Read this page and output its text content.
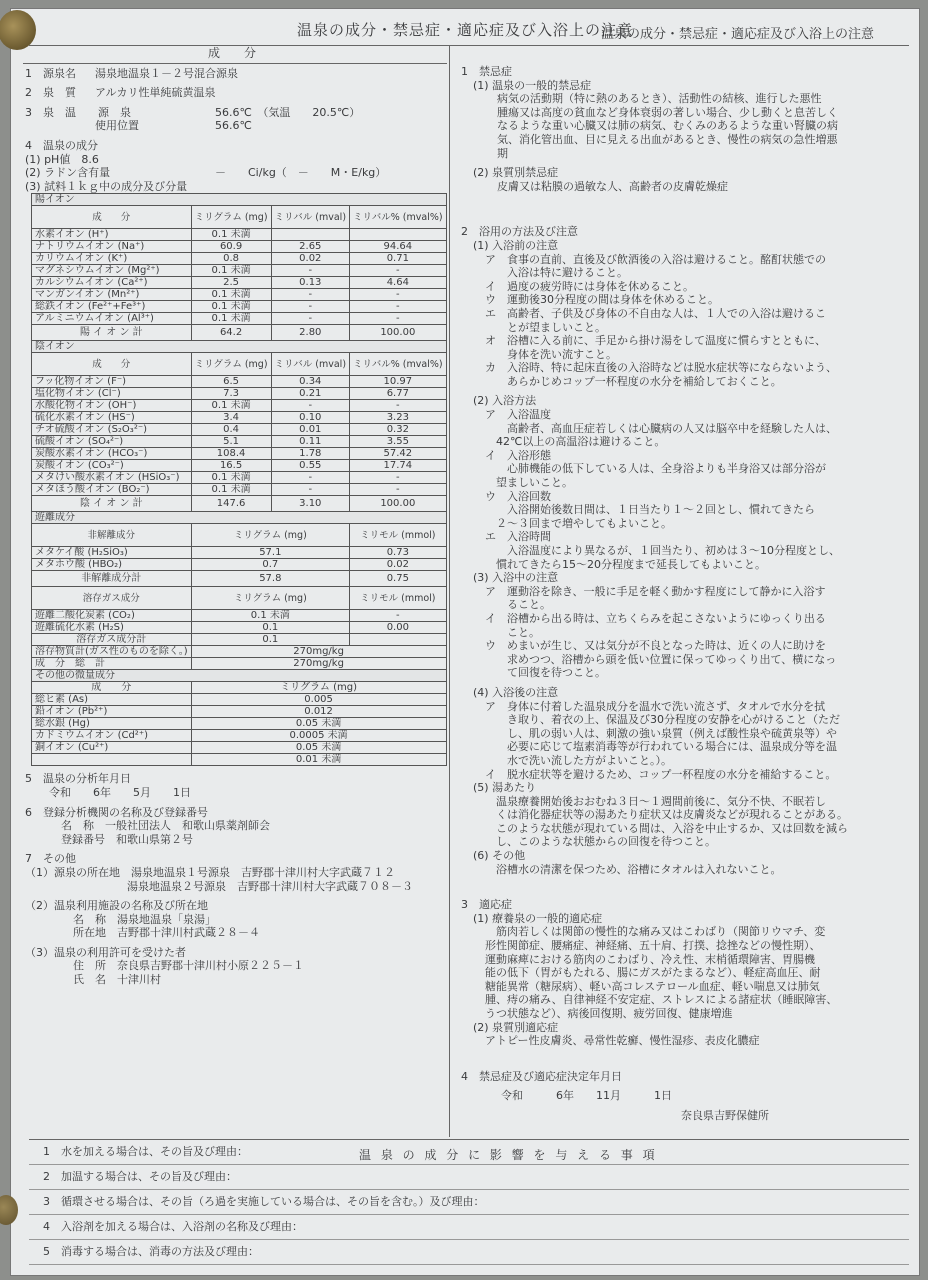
温泉の成分・禁忌症・適応症及び入浴上の注意
温泉の成分・禁忌症・適応症及び入浴上の注意
成　分
1　源泉名	湯泉地温泉１－２号混合源泉
2　泉　質	アルカリ性単純硫黄温泉
3　泉　温　　源　泉	56.6℃　（気温　　20.5℃）
使用位置	56.6℃
4　温泉の成分
(1) pH値　8.6
(2) ラドン含有量	－　　Ci/kg（　－　　M・E/kg）
(3) 試料１ｋｇ中の成分及び分量
陽イオン			
成　　分	ミリグラム (mg)	ミリバル (mval)	ミリバル% (mval%)
水素イオン (H⁺)	0.1 未満		
ナトリウムイオン (Na⁺)	60.9	2.65	94.64
カリウムイオン (K⁺)	0.8	0.02	0.71
マグネシウムイオン (Mg²⁺)	0.1 未満	-	-
カルシウムイオン (Ca²⁺)	2.5	0.13	4.64
マンガンイオン (Mn²⁺)	0.1 未満	-	-
総鉄イオン (Fe²⁺+Fe³⁺)	0.1 未満	-	-
アルミニウムイオン (Al³⁺)	0.1 未満	-	-
陽 イ オ ン 計	64.2	2.80	100.00
陰イオン			
成　　分	ミリグラム (mg)	ミリバル (mval)	ミリバル% (mval%)
フッ化物イオン (F⁻)	6.5	0.34	10.97
塩化物イオン (Cl⁻)	7.3	0.21	6.77
水酸化物イオン (OH⁻)	0.1 未満	-	-
硫化水素イオン (HS⁻)	3.4	0.10	3.23
チオ硫酸イオン (S₂O₃²⁻)	0.4	0.01	0.32
硫酸イオン (SO₄²⁻)	5.1	0.11	3.55
炭酸水素イオン (HCO₃⁻)	108.4	1.78	57.42
炭酸イオン (CO₃²⁻)	16.5	0.55	17.74
メタけい酸水素イオン (HSiO₃⁻)	0.1 未満	-	-
メタほう酸イオン (BO₂⁻)	0.1 未満	-	-
陰 イ オ ン 計	147.6	3.10	100.00
遊離成分			
非解離成分	ミリグラム (mg)		ミリモル (mmol)
メタケイ酸 (H₂SiO₃)	57.1		0.73
メタホウ酸 (HBO₂)	0.7		0.02
非解離成分計	57.8		0.75
溶存ガス成分	ミリグラム (mg)		ミリモル (mmol)
遊離二酸化炭素 (CO₂)	0.1 未満		-
遊離硫化水素 (H₂S)	0.1		0.00
溶存ガス成分計	0.1		
溶存物質計(ガス性のものを除く。)	270mg/kg		
成　分　総　計	270mg/kg		
その他の微量成分			
成　　分	ミリグラム (mg)		
総ヒ素 (As)	0.005		
鉛イオン (Pb²⁺)	0.012		
総水銀 (Hg)	0.05 未満		
カドミウムイオン (Cd²⁺)	0.0005 未満		
銅イオン (Cu²⁺)	0.05 未満		
	0.01 未満		
5　温泉の分析年月日
令和　　6年　　5月　　1日
6　登録分析機関の名称及び登録番号
名　称　一般社団法人　和歌山県薬剤師会
登録番号　和歌山県第２号
7　その他
（1）源泉の所在地　湯泉地温泉１号源泉　吉野郡十津川村大字武蔵７１２
湯泉地温泉２号源泉　吉野郡十津川村大字武蔵７０８－３
（2）温泉利用施設の名称及び所在地
名　称　湯泉地温泉「泉湯」
所在地　吉野郡十津川村武蔵２８－４
（3）温泉の利用許可を受けた者
住　所　奈良県吉野郡十津川村小原２２５－１
氏　名　十津川村
1　禁忌症
(1) 温泉の一般的禁忌症
病気の活動期（特に熱のあるとき）、活動性の結核、進行した悪性
腫瘍又は高度の貧血など身体衰弱の著しい場合、少し動くと息苦しく
なるような重い心臓又は肺の病気、むくみのあるような重い腎臓の病
気、消化管出血、目に見える出血があるとき、慢性の病気の急性増悪
期
(2) 泉質別禁忌症
皮膚又は粘膜の過敏な人、高齢者の皮膚乾燥症
2　浴用の方法及び注意
(1) 入浴前の注意
ア　食事の直前、直後及び飲酒後の入浴は避けること。酩酊状態での
　　入浴は特に避けること。
イ　過度の疲労時には身体を休めること。
ウ　運動後30分程度の間は身体を休めること。
エ　高齢者、子供及び身体の不自由な人は、１人での入浴は避けるこ
　　とが望ましいこと。
オ　浴槽に入る前に、手足から掛け湯をして温度に慣らすとともに、
　　身体を洗い流すこと。
カ　入浴時、特に起床直後の入浴時などは脱水症状等にならないよう、
　　あらかじめコップ一杯程度の水分を補給しておくこと。
(2) 入浴方法
ア　入浴温度
　　高齢者、高血圧症若しくは心臓病の人又は脳卒中を経験した人は、
　42℃以上の高温浴は避けること。
イ　入浴形態
　　心肺機能の低下している人は、全身浴よりも半身浴又は部分浴が
　望ましいこと。
ウ　入浴回数
　　入浴開始後数日間は、１日当たり１～２回とし、慣れてきたら
　２～３回まで増やしてもよいこと。
エ　入浴時間
　　入浴温度により異なるが、１回当たり、初めは３～10分程度とし、
　慣れてきたら15～20分程度まで延長してもよいこと。
(3) 入浴中の注意
ア　運動浴を除き、一般に手足を軽く動かす程度にして静かに入浴す
　　ること。
イ　浴槽から出る時は、立ちくらみを起こさないようにゆっくり出る
　　こと。
ウ　めまいが生じ、又は気分が不良となった時は、近くの人に助けを
　　求めつつ、浴槽から頭を低い位置に保ってゆっくり出て、横になっ
　　て回復を待つこと。
(4) 入浴後の注意
ア　身体に付着した温泉成分を温水で洗い流さず、タオルで水分を拭
　　き取り、着衣の上、保温及び30分程度の安静を心がけること（ただ
　　し、肌の弱い人は、刺激の強い泉質（例えば酸性泉や硫黄泉等）や
　　必要に応じて塩素消毒等が行われている場合には、温泉成分等を温
　　水で洗い流した方がよいこと。）。
イ　脱水症状等を避けるため、コップ一杯程度の水分を補給すること。
(5) 湯あたり
　温泉療養開始後おおむね３日～１週間前後に、気分不快、不眠若し
　くは消化器症状等の湯あたり症状又は皮膚炎などが現れることがある。
　このような状態が現れている間は、入浴を中止するか、又は回数を減ら
　し、このような状態からの回復を待つこと。
(6) その他
　浴槽水の清潔を保つため、浴槽にタオルは入れないこと。
3　適応症
(1) 療養泉の一般的適応症
　筋肉若しくは関節の慢性的な痛み又はこわばり（関節リウマチ、変
形性関節症、腰痛症、神経痛、五十肩、打撲、捻挫などの慢性期）、
運動麻痺における筋肉のこわばり、冷え性、末梢循環障害、胃腸機
能の低下（胃がもたれる、腸にガスがたまるなど）、軽症高血圧、耐
糖能異常（糖尿病）、軽い高コレステロール血症、軽い喘息又は肺気
腫、痔の痛み、自律神経不安定症、ストレスによる諸症状（睡眠障害、
うつ状態など）、病後回復期、疲労回復、健康増進
(2) 泉質別適応症
アトピー性皮膚炎、尋常性乾癬、慢性湿疹、表皮化膿症
4　禁忌症及び適応症決定年月日
令和　　　6年　　11月　　　1日
奈良県吉野保健所
温 泉 の 成 分 に 影 響 を 与 え る 事 項
1　水を加える場合は、その旨及び理由：
2　加温する場合は、その旨及び理由：
3　循環させる場合は、その旨（ろ過を実施している場合は、その旨を含む。）及び理由：
4　入浴剤を加える場合は、入浴剤の名称及び理由：
5　消毒する場合は、消毒の方法及び理由：
